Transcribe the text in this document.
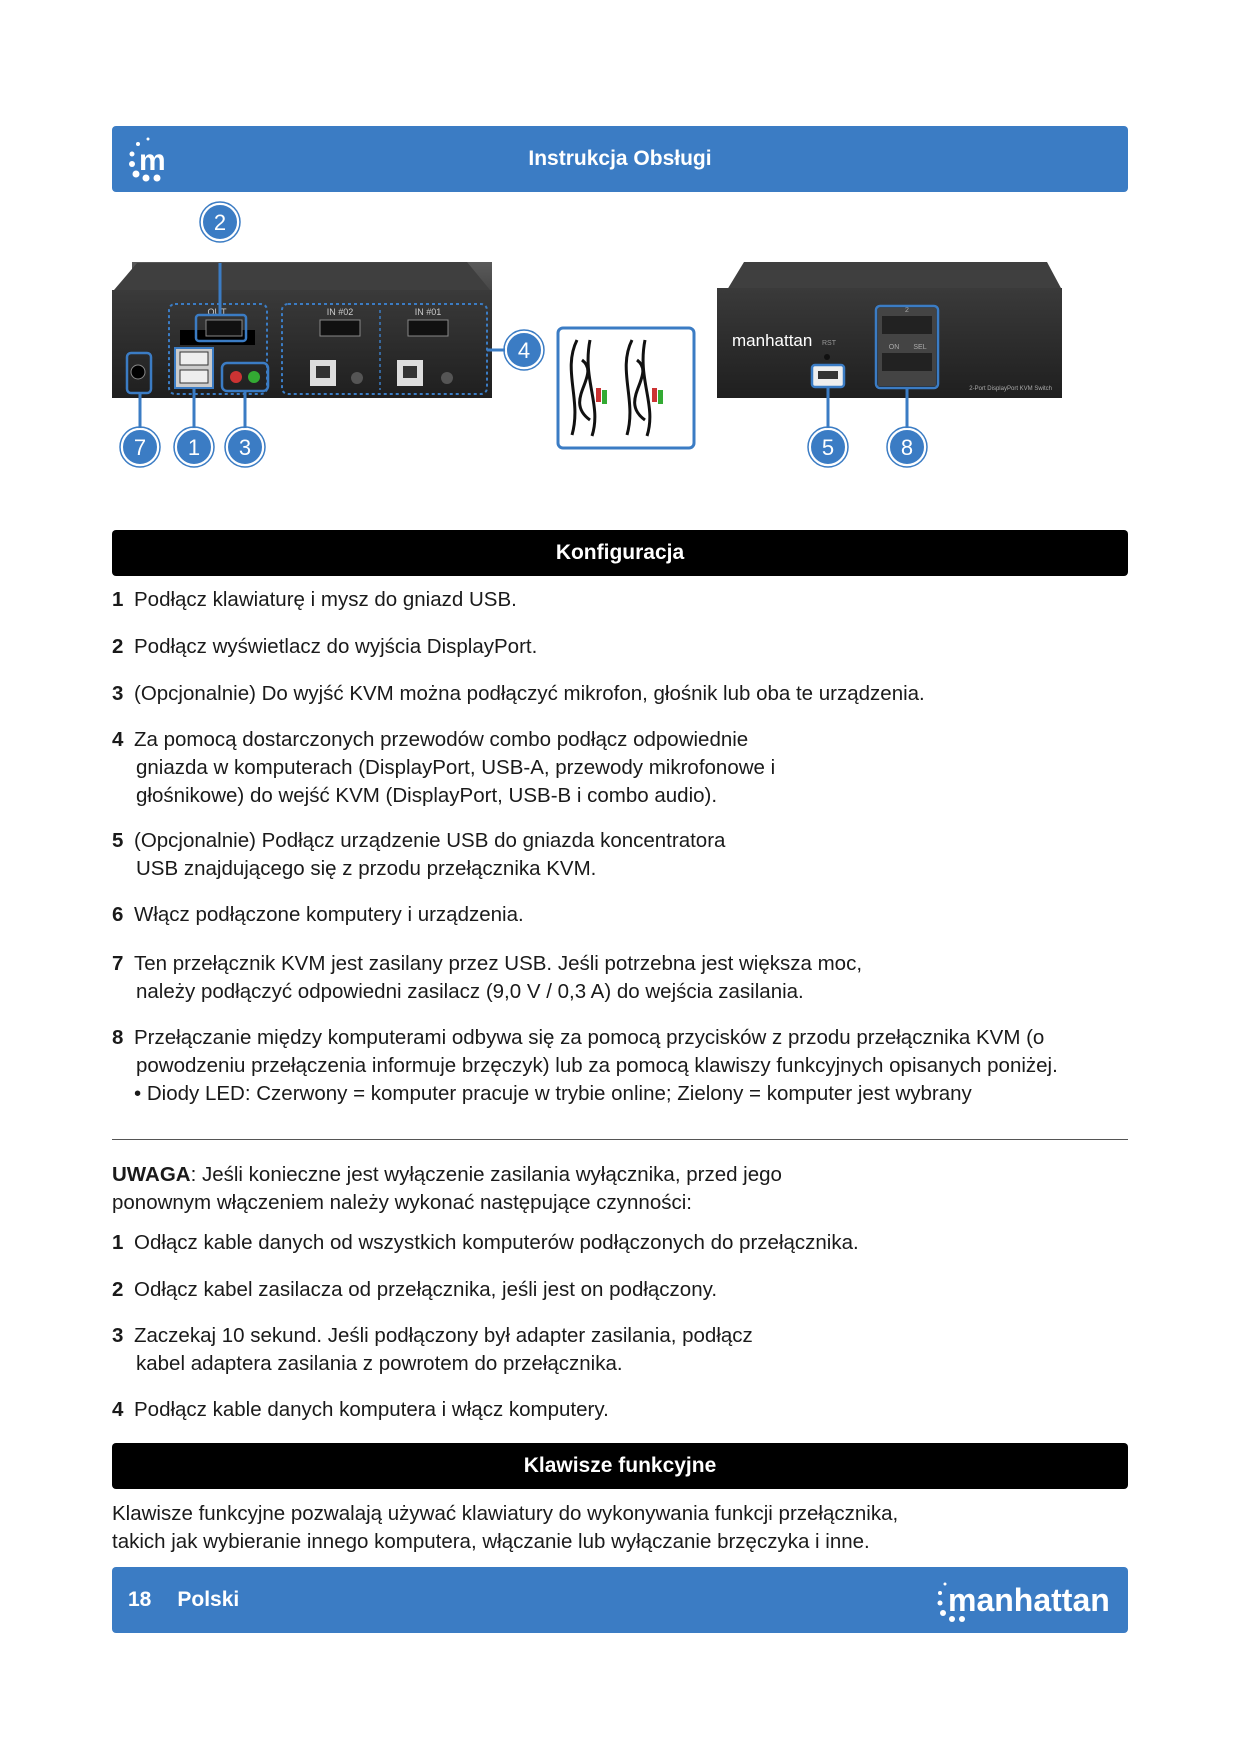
m	Instrukcja Obsługi
OUT	IN #02	IN #01
manhattan RST
2
ON SEL
2-Port DisplayPort KVM Switch
2
4
7 1 3	5	8
Konfiguracja
1 Podłącz klawiaturę i mysz do gniazd USB.
2 Podłącz wyświetlacz do wyjścia DisplayPort.
3 (Opcjonalnie) Do wyjść KVM można podłączyć mikrofon, głośnik lub oba te urządzenia.
4 Za pomocą dostarczonych przewodów combo podłącz odpowiednie
gniazda w komputerach (DisplayPort, USB-A, przewody mikrofonowe i
głośnikowe) do wejść KVM (DisplayPort, USB-B i combo audio).
5 (Opcjonalnie) Podłącz urządzenie USB do gniazda koncentratora
USB znajdującego się z przodu przełącznika KVM.
6 Włącz podłączone komputery i urządzenia.
7 Ten przełącznik KVM jest zasilany przez USB. Jeśli potrzebna jest większa moc,
należy podłączyć odpowiedni zasilacz (9,0 V / 0,3 A) do wejścia zasilania.
8 Przełączanie między komputerami odbywa się za pomocą przycisków z przodu przełącznika KVM (o
powodzeniu przełączenia informuje brzęczyk) lub za pomocą klawiszy funkcyjnych opisanych poniżej.
• Diody LED: Czerwony = komputer pracuje w trybie online; Zielony = komputer jest wybrany
UWAGA: Jeśli konieczne jest wyłączenie zasilania wyłącznika, przed jego
ponownym włączeniem należy wykonać następujące czynności:
1 Odłącz kable danych od wszystkich komputerów podłączonych do przełącznika.
2 Odłącz kabel zasilacza od przełącznika, jeśli jest on podłączony.
3 Zaczekaj 10 sekund. Jeśli podłączony był adapter zasilania, podłącz
kabel adaptera zasilania z powrotem do przełącznika.
4 Podłącz kable danych komputera i włącz komputery.
Klawisze funkcyjne
Klawisze funkcyjne pozwalają używać klawiatury do wykonywania funkcji przełącznika,
takich jak wybieranie innego komputera, włączanie lub wyłączanie brzęczyka i inne.
18 Polski	manhattan
